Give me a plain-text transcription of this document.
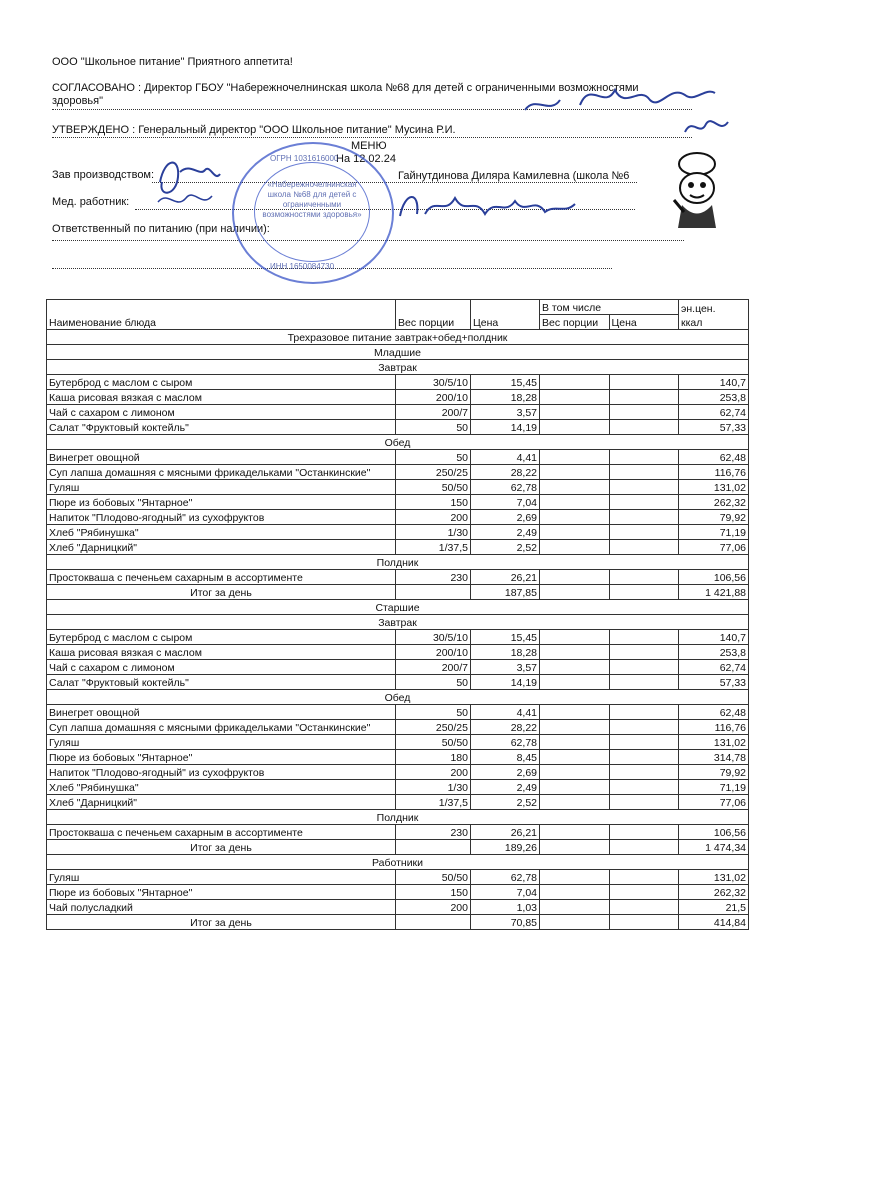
ООО "Школьное питание" Приятного аппетита!
СОГЛАСОВАНО : Директор ГБОУ "Набережночелнинская школа №68 для детей с ограниченными возможностями
здоровья"
УТВЕРЖДЕНО : Генеральный директор "ООО Школьное питание" Мусина Р.И.
МЕНЮ
На 12.02.24
Зав производством:	Гайнутдинова Диляра Камилевна (школа №6
Мед. работник:
Ответственный по питанию (при наличии):
«Набережночелнинская школа №68 для детей с ограниченными возможностями здоровья»
ОГРН 1031616000
ИНН 1650084730
Наименование блюда	Вес порции	Цена	В том числе		эн.цен.
			Вес порции	Цена	ккал
Трехразовое питание завтрак+обед+полдник					
Младшие					
Завтрак					
Бутерброд с маслом с сыром	30/5/10	15,45			140,7
Каша рисовая вязкая с маслом	200/10	18,28			253,8
Чай с сахаром с лимоном	200/7	3,57			62,74
Салат "Фруктовый коктейль"	50	14,19			57,33
Обед					
Винегрет овощной	50	4,41			62,48
Суп лапша домашняя с мясными фрикадельками "Останкинские"	250/25	28,22			116,76
Гуляш	50/50	62,78			131,02
Пюре из бобовых "Янтарное"	150	7,04			262,32
Напиток "Плодово-ягодный" из сухофруктов	200	2,69			79,92
Хлеб "Рябинушка"	1/30	2,49			71,19
Хлеб "Дарницкий"	1/37,5	2,52			77,06
Полдник					
Простокваша с печеньем сахарным в ассортименте	230	26,21			106,56
Итог за день		187,85			1 421,88
Старшие					
Завтрак					
Бутерброд с маслом с сыром	30/5/10	15,45			140,7
Каша рисовая вязкая с маслом	200/10	18,28			253,8
Чай с сахаром с лимоном	200/7	3,57			62,74
Салат "Фруктовый коктейль"	50	14,19			57,33
Обед					
Винегрет овощной	50	4,41			62,48
Суп лапша домашняя с мясными фрикадельками "Останкинские"	250/25	28,22			116,76
Гуляш	50/50	62,78			131,02
Пюре из бобовых "Янтарное"	180	8,45			314,78
Напиток "Плодово-ягодный" из сухофруктов	200	2,69			79,92
Хлеб "Рябинушка"	1/30	2,49			71,19
Хлеб "Дарницкий"	1/37,5	2,52			77,06
Полдник					
Простокваша с печеньем сахарным в ассортименте	230	26,21			106,56
Итог за день		189,26			1 474,34
Работники					
Гуляш	50/50	62,78			131,02
Пюре из бобовых "Янтарное"	150	7,04			262,32
Чай полусладкий	200	1,03			21,5
Итог за день		70,85			414,84
